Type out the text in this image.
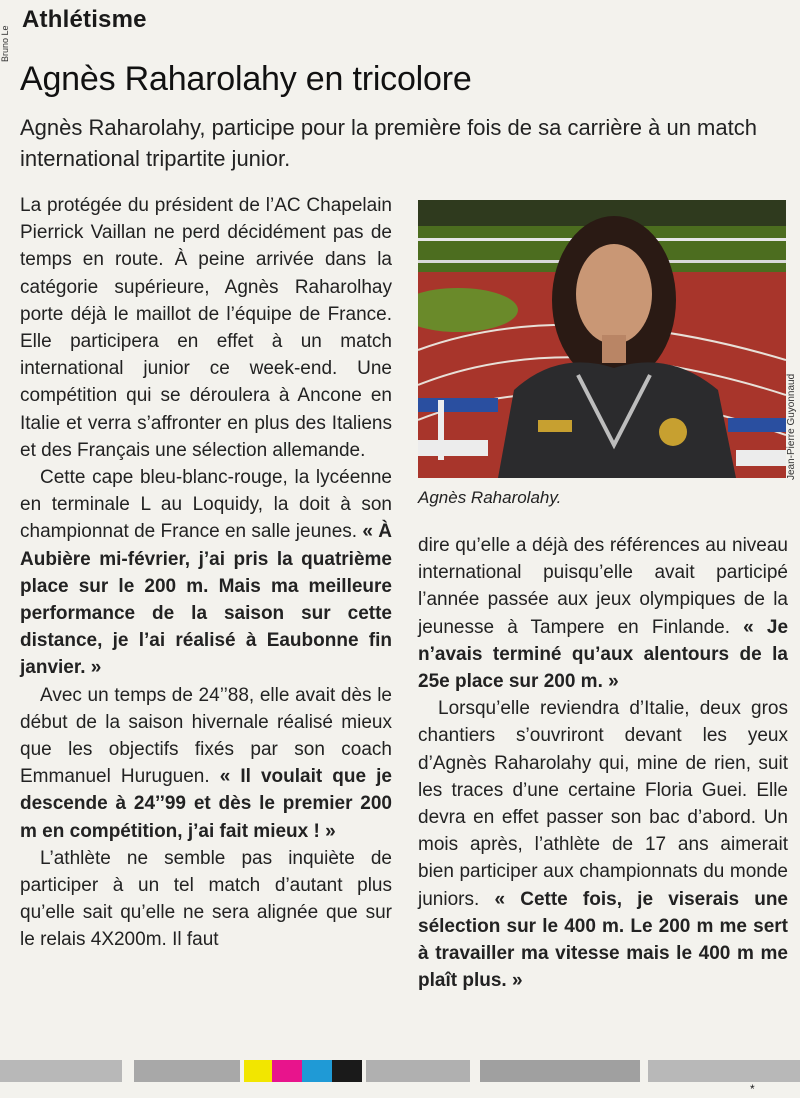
Bruno Le
Athlétisme
Agnès Raharolahy en tricolore
Agnès Raharolahy, participe pour la première fois de sa carrière à un match international tripartite junior.

La protégée du président de l’AC Chapelain Pierrick Vaillan ne perd décidément pas de temps en route. À peine arrivée dans la catégorie supérieure, Agnès Raharolhay porte déjà le maillot de l’équipe de France. Elle participera en effet à un match international junior ce week-end. Une compétition qui se déroulera à Ancone en Italie et verra s’affronter en plus des Italiens et des Français une sélection allemande.

Cette cape bleu-blanc-rouge, la lycéenne en terminale L au Loquidy, la doit à son championnat de France en salle jeunes. « À Aubière mi-février, j’ai pris la quatrième place sur le 200 m. Mais ma meilleure performance de la saison sur cette distance, je l’ai réalisé à Eaubonne fin janvier. »

Avec un temps de 24’’88, elle avait dès le début de la saison hivernale réalisé mieux que les objectifs fixés par son coach Emmanuel Huruguen. « Il voulait que je descende à 24’’99 et dès le premier 200 m en compétition, j’ai fait mieux ! »

L’athlète ne semble pas inquiète de participer à un tel match d’autant plus qu’elle sait qu’elle ne sera alignée que sur le relais 4X200m. Il faut

Agnès Raharolahy.
Jean-Pierre Guyonnaud

dire qu’elle a déjà des références au niveau international puisqu’elle avait participé l’année passée aux jeux olympiques de la jeunesse à Tampere en Finlande. « Je n’avais terminé qu’aux alentours de la 25e place sur 200 m. »

Lorsqu’elle reviendra d’Italie, deux gros chantiers s’ouvriront devant les yeux d’Agnès Raharolahy qui, mine de rien, suit les traces d’une certaine Floria Guei. Elle devra en effet passer son bac d’abord. Un mois après, l’athlète de 17 ans aimerait bien participer aux championnats du monde juniors. « Cette fois, je viserais une sélection sur le 400 m. Le 200 m me sert à travailler ma vitesse mais le 400 m me plaît plus. »

*
